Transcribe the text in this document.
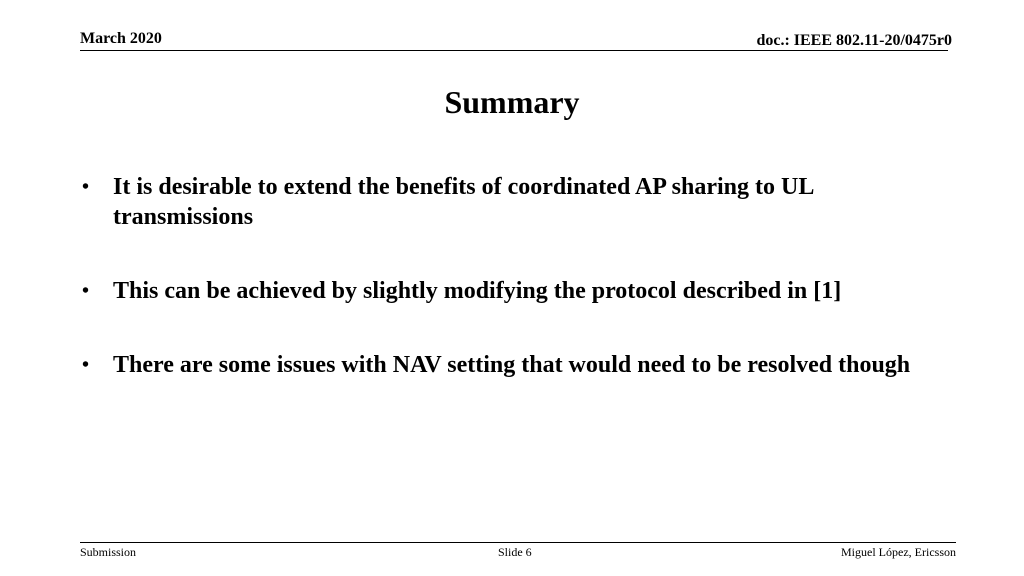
March 2020	doc.: IEEE 802.11-20/0475r0
Summary
• It is desirable to extend the benefits of coordinated AP sharing to UL transmissions
• This can be achieved by slightly modifying the protocol described in [1]
• There are some issues with NAV setting that would need to be resolved though
Submission	Slide 6	Miguel López, Ericsson
